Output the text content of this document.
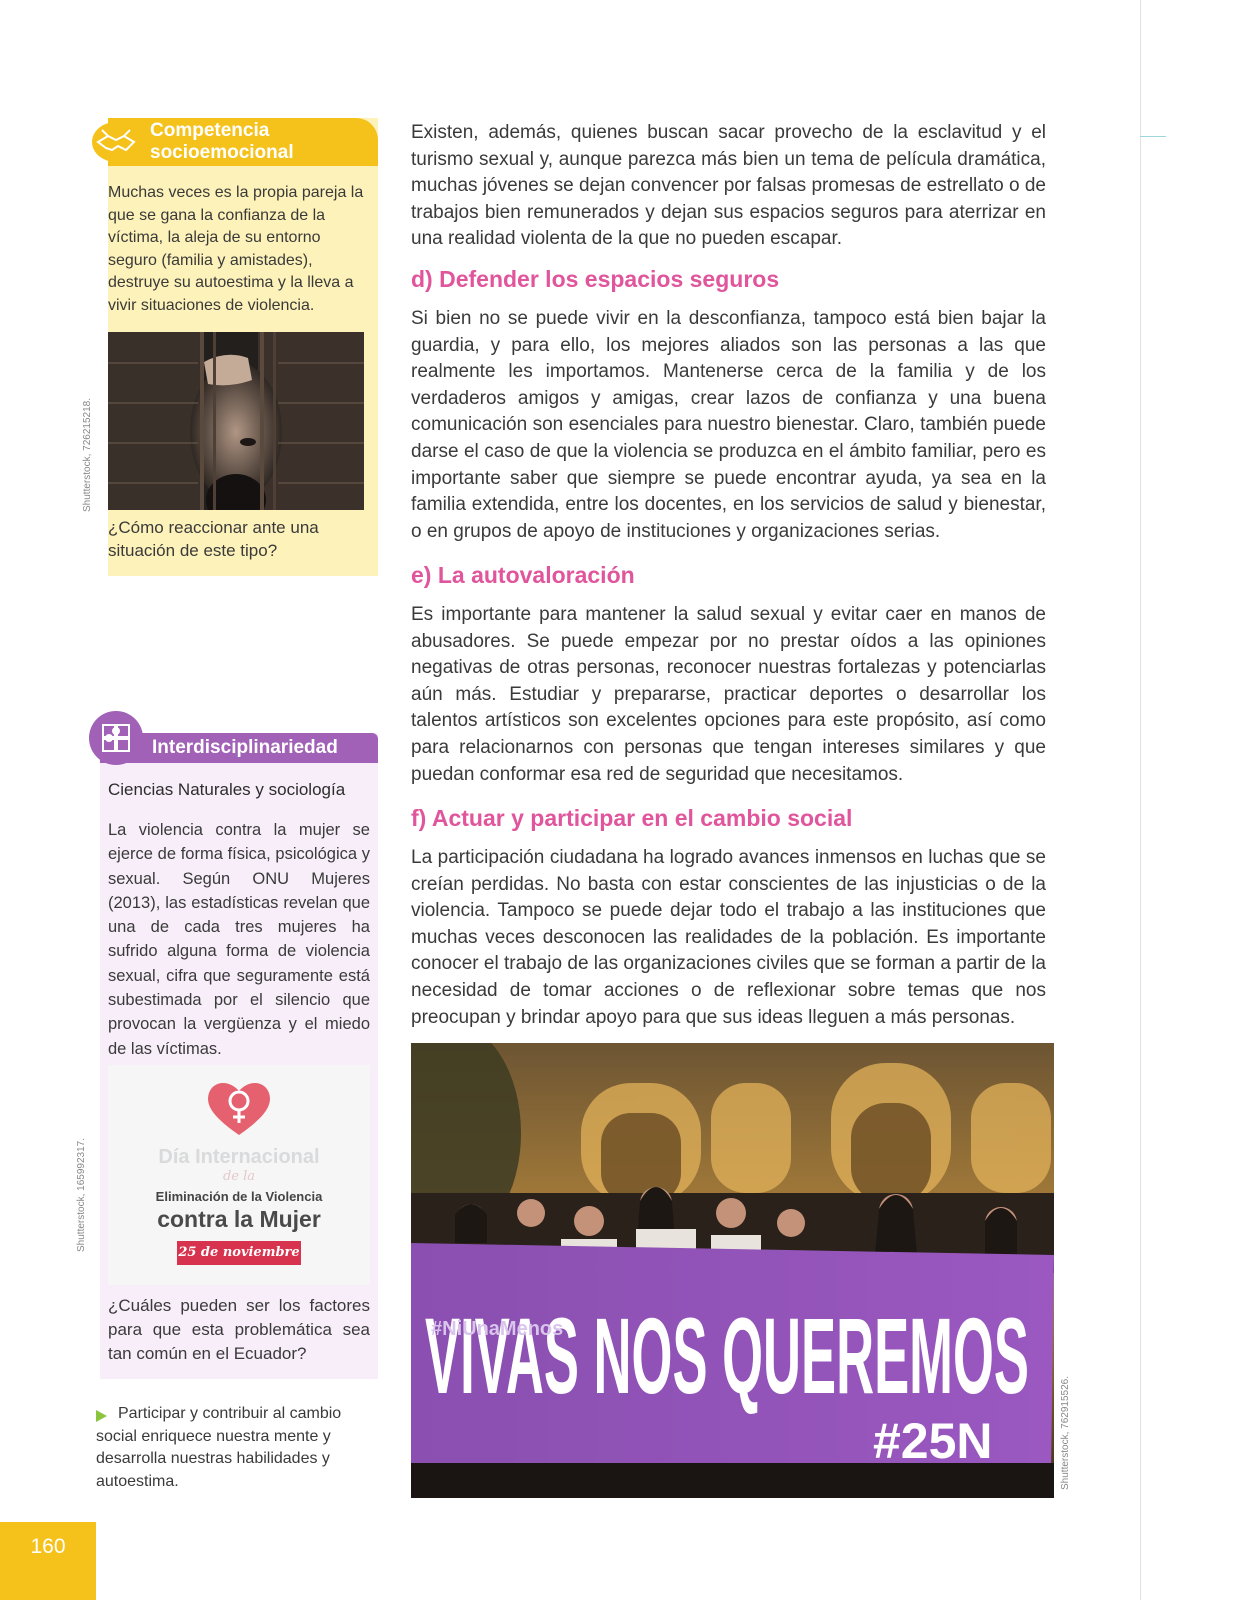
Competencia socioemocional

Muchas veces es la propia pareja la que se gana la confianza de la víctima, la aleja de su entorno seguro (familia y amistades), destruye su autoestima y la lleva a vivir situaciones de violencia.

Shutterstock, 726215218.

¿Cómo reaccionar ante una situación de este tipo?

Interdisciplinariedad

Ciencias Naturales y sociología

La violencia contra la mujer se ejerce de forma física, psicológica y sexual. Según ONU Mujeres (2013), las estadísticas revelan que una de cada tres mujeres ha sufrido alguna forma de violencia sexual, cifra que seguramente está subestimada por el silencio que provocan la vergüenza y el miedo de las víctimas.

Día Internacional
de la
Eliminación de la Violencia
contra la Mujer
25 de noviembre
Shutterstock, 165992317.

¿Cuáles pueden ser los factores para que esta problemática sea tan común en el Ecuador?

Participar y contribuir al cambio social enriquece nuestra mente y desarrolla nuestras habilidades y autoestima.

160

Existen, además, quienes buscan sacar provecho de la esclavitud y el turismo sexual y, aunque parezca más bien un tema de película dramática, muchas jóvenes se dejan convencer por falsas promesas de estrellato o de trabajos bien remunerados y dejan sus espacios seguros para aterrizar en una realidad violenta de la que no pueden escapar.

d) Defender los espacios seguros

Si bien no se puede vivir en la desconfianza, tampoco está bien bajar la guardia, y para ello, los mejores aliados son las personas a las que realmente les importamos. Mantenerse cerca de la familia y de los verdaderos amigos y amigas, crear lazos de confianza y una buena comunicación son esenciales para nuestro bienestar. Claro, también puede darse el caso de que la violencia se produzca en el ámbito familiar, pero es importante saber que siempre se puede encontrar ayuda, ya sea en la familia extendida, entre los docentes, en los servicios de salud y bienestar, o en grupos de apoyo de instituciones y organizaciones serias.

e) La autovaloración

Es importante para mantener la salud sexual y evitar caer en manos de abusadores. Se puede empezar por no prestar oídos a las opiniones negativas de otras personas, reconocer nuestras fortalezas y potenciarlas aún más. Estudiar y prepararse, practicar deportes o desarrollar los talentos artísticos son excelentes opciones para este propósito, así como para relacionarnos con personas que tengan intereses similares y que puedan conformar esa red de seguridad que necesitamos.

f) Actuar y participar en el cambio social

La participación ciudadana ha logrado avances inmensos en luchas que se creían perdidas. No basta con estar conscientes de las injusticias o de la violencia. Tampoco se puede dejar todo el trabajo a las instituciones que muchas veces desconocen las realidades de la población. Es importante conocer el trabajo de las organizaciones civiles que se forman a partir de la necesidad de tomar acciones o de reflexionar sobre temas que nos preocupan y brindar apoyo para que sus ideas lleguen a más personas.

VIVAS NOS QUEREMOS
#NiUnaMenos
#25N	Shutterstock, 762915526.
